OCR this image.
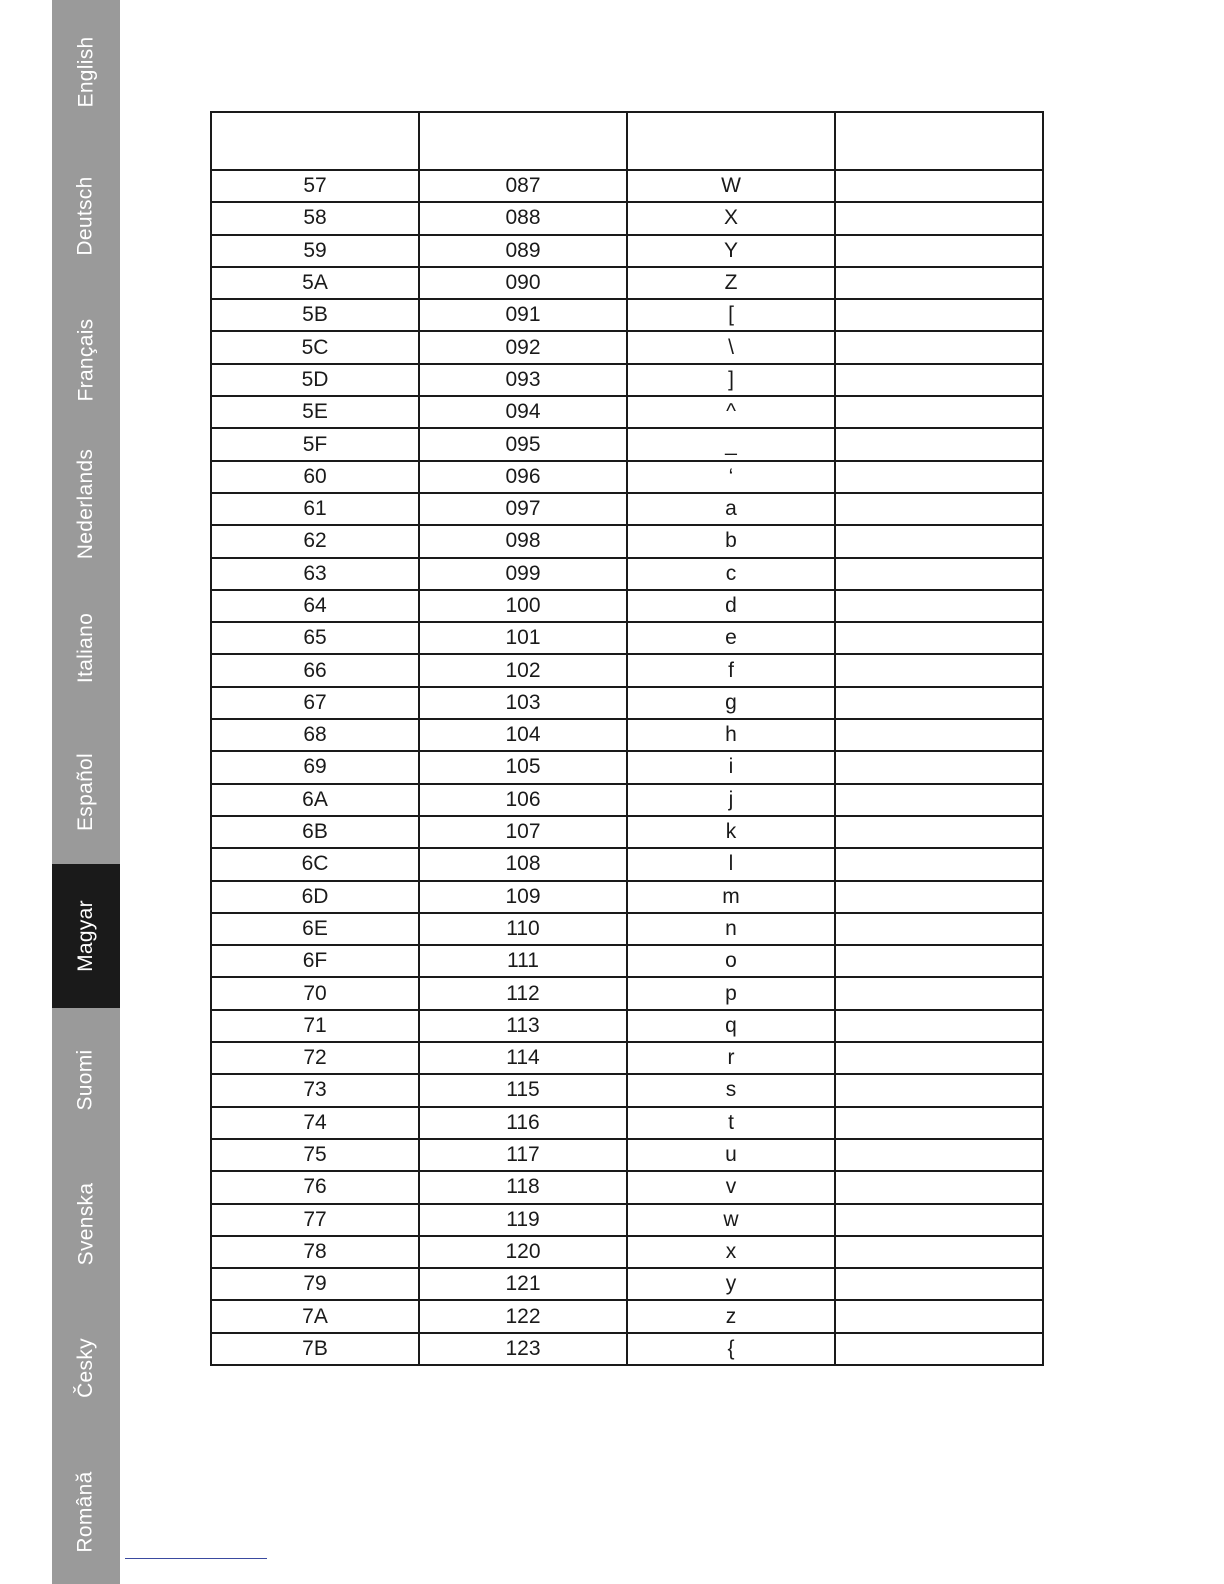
English
Deutsch
Français
Nederlands
Italiano
Español
Magyar
Suomi
Svenska
Česky
Română

57	087	W	
58	088	X	
59	089	Y	
5A	090	Z	
5B	091	[	
5C	092	\	
5D	093	]	
5E	094	^	
5F	095	_	
60	096	‘	
61	097	a	
62	098	b	
63	099	c	
64	100	d	
65	101	e	
66	102	f	
67	103	g	
68	104	h	
69	105	i	
6A	106	j	
6B	107	k	
6C	108	l	
6D	109	m	
6E	110	n	
6F	111	o	
70	112	p	
71	113	q	
72	114	r	
73	115	s	
74	116	t	
75	117	u	
76	118	v	
77	119	w	
78	120	x	
79	121	y	
7A	122	z	
7B	123	{	
